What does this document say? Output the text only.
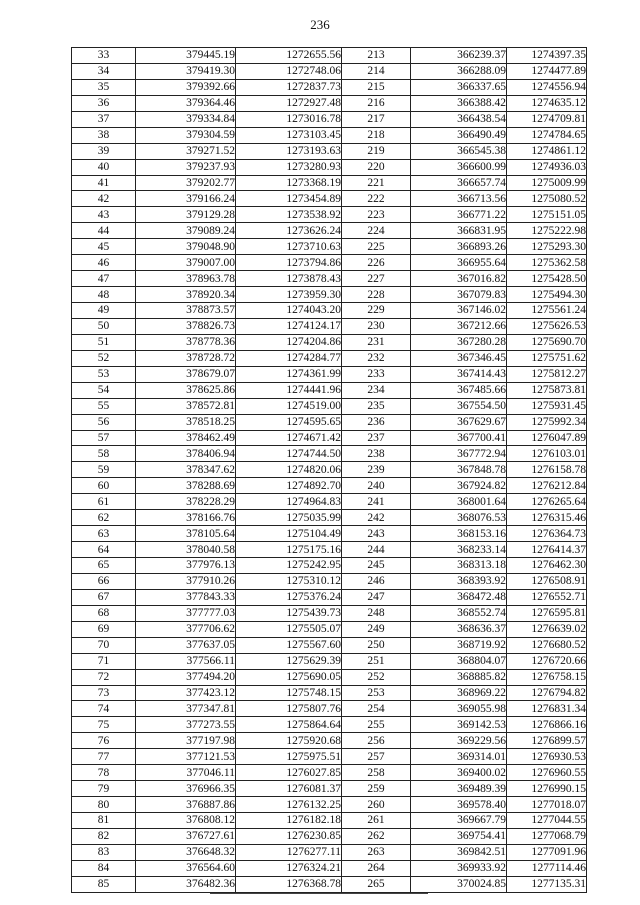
236
33	379445.19	1272655.56	213	366239.37	1274397.35
34	379419.30	1272748.06	214	366288.09	1274477.89
35	379392.66	1272837.73	215	366337.65	1274556.94
36	379364.46	1272927.48	216	366388.42	1274635.12
37	379334.84	1273016.78	217	366438.54	1274709.81
38	379304.59	1273103.45	218	366490.49	1274784.65
39	379271.52	1273193.63	219	366545.38	1274861.12
40	379237.93	1273280.93	220	366600.99	1274936.03
41	379202.77	1273368.19	221	366657.74	1275009.99
42	379166.24	1273454.89	222	366713.56	1275080.52
43	379129.28	1273538.92	223	366771.22	1275151.05
44	379089.24	1273626.24	224	366831.95	1275222.98
45	379048.90	1273710.63	225	366893.26	1275293.30
46	379007.00	1273794.86	226	366955.64	1275362.58
47	378963.78	1273878.43	227	367016.82	1275428.50
48	378920.34	1273959.30	228	367079.83	1275494.30
49	378873.57	1274043.20	229	367146.02	1275561.24
50	378826.73	1274124.17	230	367212.66	1275626.53
51	378778.36	1274204.86	231	367280.28	1275690.70
52	378728.72	1274284.77	232	367346.45	1275751.62
53	378679.07	1274361.99	233	367414.43	1275812.27
54	378625.86	1274441.96	234	367485.66	1275873.81
55	378572.81	1274519.00	235	367554.50	1275931.45
56	378518.25	1274595.65	236	367629.67	1275992.34
57	378462.49	1274671.42	237	367700.41	1276047.89
58	378406.94	1274744.50	238	367772.94	1276103.01
59	378347.62	1274820.06	239	367848.78	1276158.78
60	378288.69	1274892.70	240	367924.82	1276212.84
61	378228.29	1274964.83	241	368001.64	1276265.64
62	378166.76	1275035.99	242	368076.53	1276315.46
63	378105.64	1275104.49	243	368153.16	1276364.73
64	378040.58	1275175.16	244	368233.14	1276414.37
65	377976.13	1275242.95	245	368313.18	1276462.30
66	377910.26	1275310.12	246	368393.92	1276508.91
67	377843.33	1275376.24	247	368472.48	1276552.71
68	377777.03	1275439.73	248	368552.74	1276595.81
69	377706.62	1275505.07	249	368636.37	1276639.02
70	377637.05	1275567.60	250	368719.92	1276680.52
71	377566.11	1275629.39	251	368804.07	1276720.66
72	377494.20	1275690.05	252	368885.82	1276758.15
73	377423.12	1275748.15	253	368969.22	1276794.82
74	377347.81	1275807.76	254	369055.98	1276831.34
75	377273.55	1275864.64	255	369142.53	1276866.16
76	377197.98	1275920.68	256	369229.56	1276899.57
77	377121.53	1275975.51	257	369314.01	1276930.53
78	377046.11	1276027.85	258	369400.02	1276960.55
79	376966.35	1276081.37	259	369489.39	1276990.15
80	376887.86	1276132.25	260	369578.40	1277018.07
81	376808.12	1276182.18	261	369667.79	1277044.55
82	376727.61	1276230.85	262	369754.41	1277068.79
83	376648.32	1276277.11	263	369842.51	1277091.96
84	376564.60	1276324.21	264	369933.92	1277114.46
85	376482.36	1276368.78	265	370024.85	1277135.31
